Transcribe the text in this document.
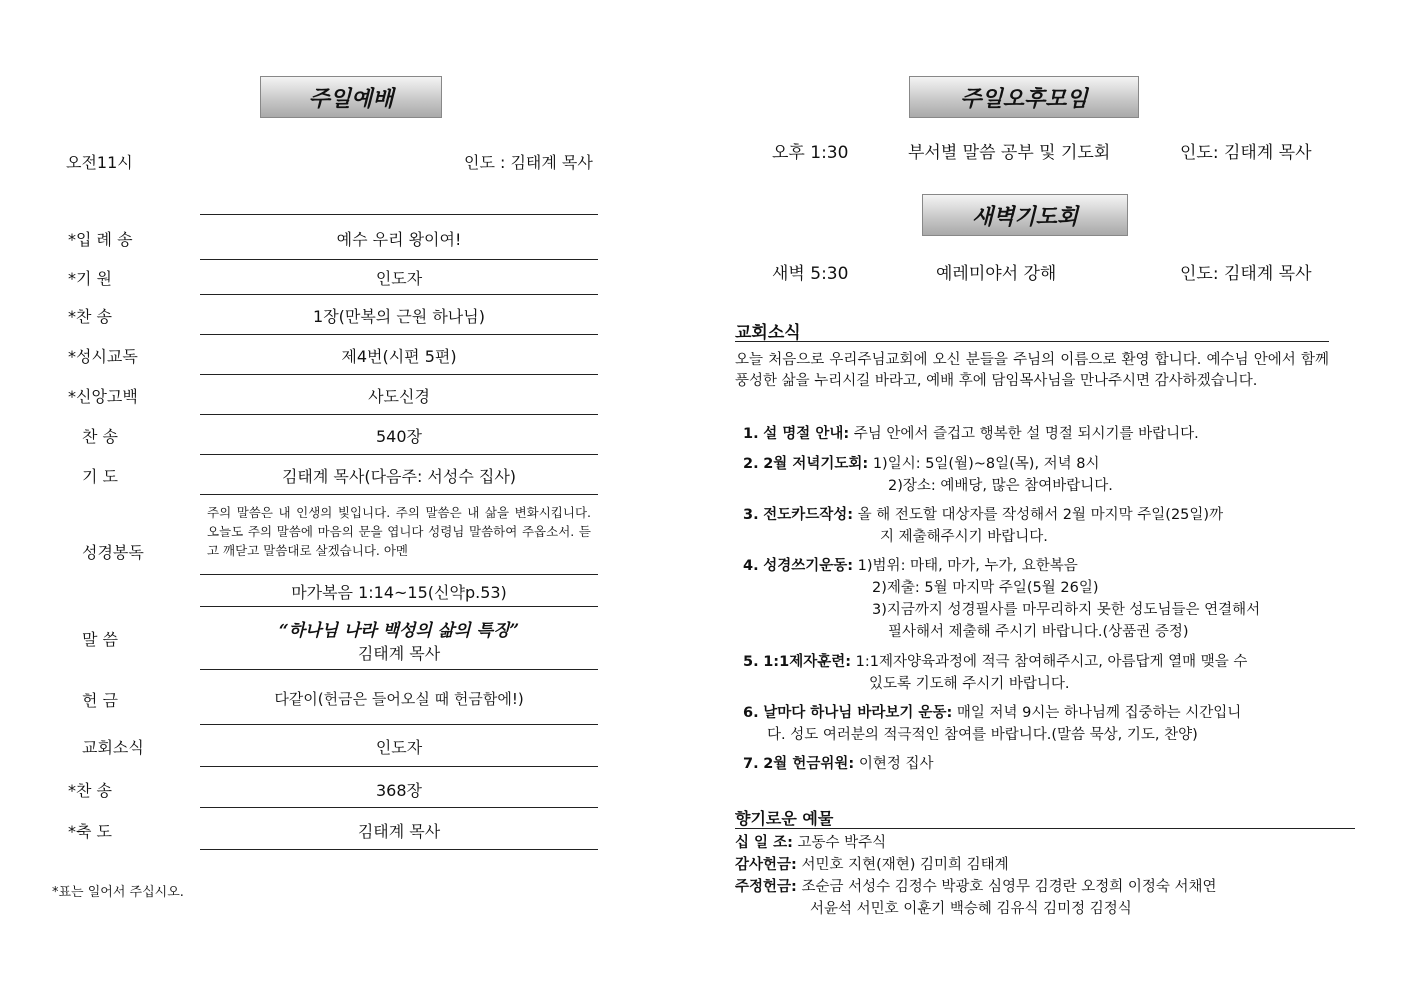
주일예배
오전11시	인도 : 김태계 목사
*입 례 송	예수 우리 왕이여!
*기 원	인도자
*찬 송	1장(만복의 근원 하나님)
*성시교독	제4번(시편 5편)
*신앙고백	사도신경
찬 송	540장
기 도	김태계 목사(다음주: 서성수 집사)
성경봉독
주의 말씀은 내 인생의 빛입니다. 주의 말씀은 내 삶을 변화시킵니다. 오늘도 주의 말씀에 마음의 문을 엽니다 성령님 말씀하여 주옵소서. 듣고 깨닫고 말씀대로 살겠습니다. 아멘
마가복음 1:14~15(신약p.53)
말 씀	“하나님 나라 백성의 삶의 특징”
김태계 목사
헌 금	다같이(헌금은 들어오실 때 헌금함에!)
교회소식	인도자
*찬 송	368장
*축 도	김태계 목사
*표는 일어서 주십시오.
주일오후모임
오후 1:30	부서별 말씀 공부 및 기도회	인도: 김태계 목사
새벽기도회
새벽 5:30	예레미야서 강해	인도: 김태계 목사
교회소식
오늘 처음으로 우리주님교회에 오신 분들을 주님의 이름으로 환영 합니다. 예수님 안에서 함께 풍성한 삶을 누리시길 바라고, 예배 후에 담임목사님을 만나주시면 감사하겠습니다.
1. 설 명절 안내: 주님 안에서 즐겁고 행복한 설 명절 되시기를 바랍니다.
2. 2월 저녁기도회: 1)일시: 5일(월)~8일(목), 저녁 8시
2)장소: 예배당, 많은 참여바랍니다.
3. 전도카드작성: 올 해 전도할 대상자를 작성해서 2월 마지막 주일(25일)까
지 제출해주시기 바랍니다.
4. 성경쓰기운동: 1)범위: 마태, 마가, 누가, 요한복음
2)제출: 5월 마지막 주일(5월 26일)
3)지금까지 성경필사를 마무리하지 못한 성도님들은 연결해서
필사해서 제출해 주시기 바랍니다.(상품권 증정)
5. 1:1제자훈련: 1:1제자양육과정에 적극 참여해주시고, 아름답게 열매 맺을 수
있도록 기도해 주시기 바랍니다.
6. 날마다 하나님 바라보기 운동: 매일 저녁 9시는 하나님께 집중하는 시간입니
다. 성도 여러분의 적극적인 참여를 바랍니다.(말씀 묵상, 기도, 찬양)
7. 2월 헌금위원: 이현정 집사
향기로운 예물
십 일 조: 고동수 박주식
감사헌금: 서민호 지현(재현) 김미희 김태계
주정헌금: 조순금 서성수 김정수 박광호 심영무 김경란 오정희 이정숙 서채연
서윤석 서민호 이훈기 백승혜 김유식 김미정 김정식
